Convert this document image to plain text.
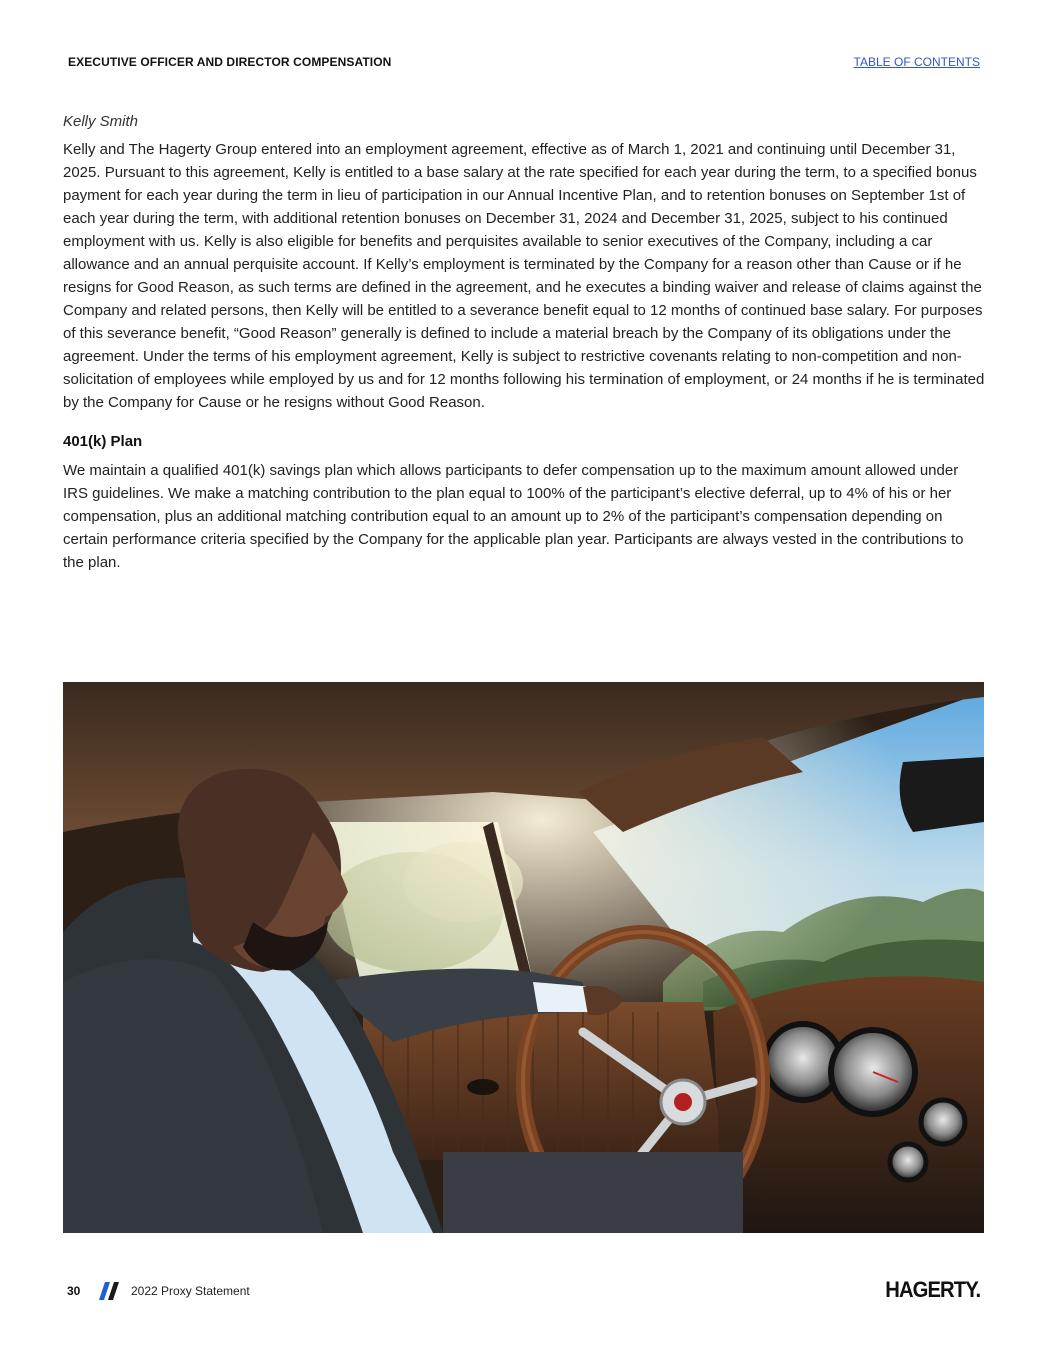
EXECUTIVE OFFICER AND DIRECTOR COMPENSATION	TABLE OF CONTENTS

Kelly Smith

Kelly and The Hagerty Group entered into an employment agreement, effective as of March 1, 2021 and continuing until December 31, 2025. Pursuant to this agreement, Kelly is entitled to a base salary at the rate specified for each year during the term, to a specified bonus payment for each year during the term in lieu of participation in our Annual Incentive Plan, and to retention bonuses on September 1st of each year during the term, with additional retention bonuses on December 31, 2024 and December 31, 2025, subject to his continued employment with us. Kelly is also eligible for benefits and perquisites available to senior executives of the Company, including a car allowance and an annual perquisite account. If Kelly’s employment is terminated by the Company for a reason other than Cause or if he resigns for Good Reason, as such terms are defined in the agreement, and he executes a binding waiver and release of claims against the Company and related persons, then Kelly will be entitled to a severance benefit equal to 12 months of continued base salary. For purposes of this severance benefit, “Good Reason” generally is defined to include a material breach by the Company of its obligations under the agreement. Under the terms of his employment agreement, Kelly is subject to restrictive covenants relating to non-competition and non-solicitation of employees while employed by us and for 12 months following his termination of employment, or 24 months if he is terminated by the Company for Cause or he resigns without Good Reason.

401(k) Plan

We maintain a qualified 401(k) savings plan which allows participants to defer compensation up to the maximum amount allowed under IRS guidelines. We make a matching contribution to the plan equal to 100% of the participant’s elective deferral, up to 4% of his or her compensation, plus an additional matching contribution equal to an amount up to 2% of the participant’s compensation depending on certain performance criteria specified by the Company for the applicable plan year. Participants are always vested in the contributions to the plan.

30	2022 Proxy Statement	HAGERTY.
